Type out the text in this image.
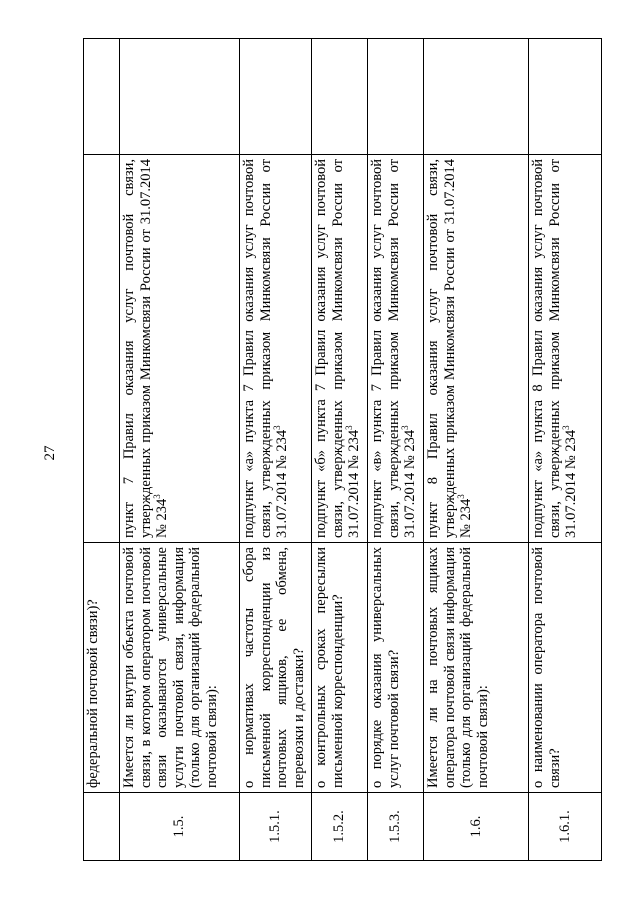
27
	федеральной почтовой связи)?		
1.5.	Имеется ли внутри объекта почтовой связи, в котором оператором почтовой связи оказываются универсальные услуги почтовой связи, информация (только для организаций федеральной почтовой связи):	пункт 7 Правил оказания услуг почтовой связи, утвержденных приказом Минкомсвязи России от 31.07.2014 № $234^3$	
1.5.1.	о нормативах частоты сбора письменной корреспонденции из почтовых ящиков, ее обмена, перевозки и доставки?	подпункт «а» пункта 7 Правил оказания услуг почтовой связи, утвержденных приказом Минкомсвязи России от 31.07.2014 № $234^3$	
1.5.2.	о контрольных сроках пересылки письменной корреспонденции?	подпункт «б» пункта 7 Правил оказания услуг почтовой связи, утвержденных приказом Минкомсвязи России от 31.07.2014 № $234^3$	
1.5.3.	о порядке оказания универсальных услуг почтовой связи?	подпункт «в» пункта 7 Правил оказания услуг почтовой связи, утвержденных приказом Минкомсвязи России от 31.07.2014 № $234^3$	
1.6.	Имеется ли на почтовых ящиках оператора почтовой связи информация (только для организаций федеральной почтовой связи):	пункт 8 Правил оказания услуг почтовой связи, утвержденных приказом Минкомсвязи России от 31.07.2014 № $234^3$	
1.6.1.	о наименовании оператора почтовой связи?	подпункт «а» пункта 8 Правил оказания услуг почтовой связи, утвержденных приказом Минкомсвязи России от 31.07.2014 № $234^3$	
